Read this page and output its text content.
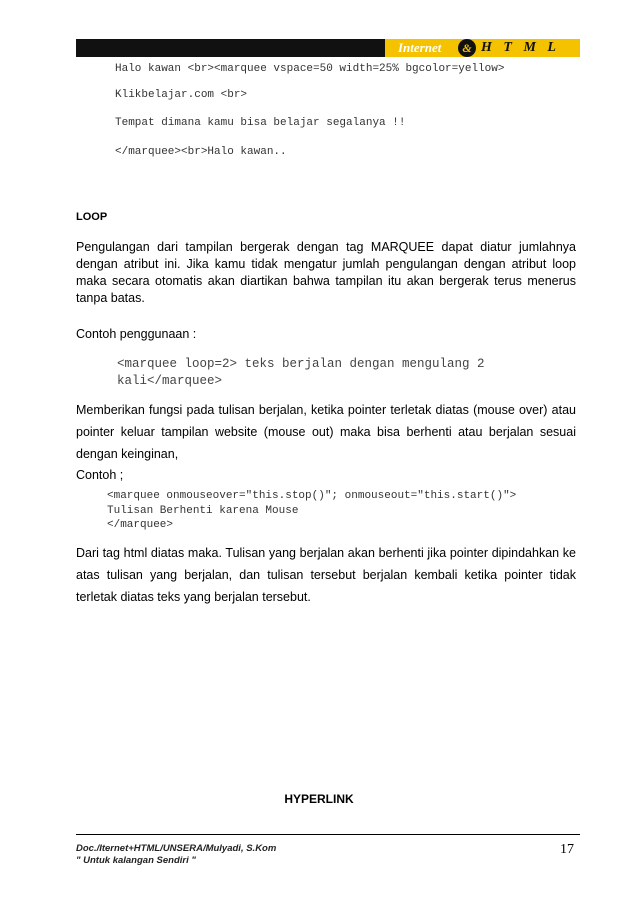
Internet	& H T M L
Halo kawan <br><marquee vspace=50 width=25% bgcolor=yellow>
Klikbelajar.com <br>
Tempat dimana kamu bisa belajar segalanya !!
</marquee><br>Halo kawan..
LOOP
Pengulangan dari tampilan bergerak dengan tag MARQUEE dapat diatur jumlahnya dengan atribut ini. Jika kamu tidak mengatur jumlah pengulangan dengan atribut loop maka secara otomatis akan diartikan bahwa tampilan itu akan bergerak terus menerus tanpa batas.
Contoh penggunaan :
<marquee loop=2> teks berjalan dengan mengulang 2
kali</marquee>
Memberikan fungsi pada tulisan berjalan, ketika pointer terletak diatas (mouse over) atau pointer keluar tampilan website (mouse out) maka bisa berhenti atau berjalan sesuai dengan keinginan,
Contoh ;
<marquee onmouseover="this.stop()"; onmouseout="this.start()">
Tulisan Berhenti karena Mouse
</marquee>
Dari tag html diatas maka. Tulisan yang berjalan akan berhenti jika pointer dipindahkan ke atas tulisan yang berjalan, dan tulisan tersebut berjalan kembali ketika pointer tidak terletak diatas teks yang berjalan tersebut.
HYPERLINK
Doc./Iternet+HTML/UNSERA/Mulyadi, S.Kom
" Untuk kalangan Sendiri "
17
